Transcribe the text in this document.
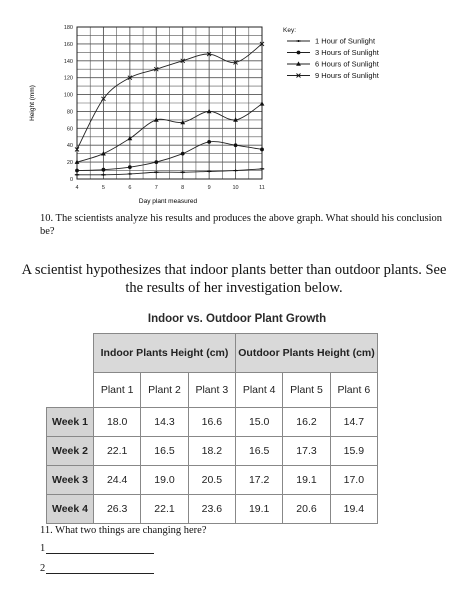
0
20
40
60
80
100
120
140
160
180
4	5	6	7	8	9	10	11
Key:
1 Hour of Sunlight
3 Hours of Sunlight
6 Hours of Sunlight
9 Hours of Sunlight
Day plant measured
Height (mm)
10. The scientists analyze his results and produces the above graph. What should his conclusion be?
A scientist hypothesizes that indoor plants better than outdoor plants. See the results of her investigation below.
Indoor vs. Outdoor Plant Growth
	Indoor Plants Height (cm)			Outdoor Plants Height (cm)		
	Plant 1	Plant 2	Plant 3	Plant 4	Plant 5	Plant 6
Week 1	18.0	14.3	16.6	15.0	16.2	14.7
Week 2	22.1	16.5	18.2	16.5	17.3	15.9
Week 3	24.4	19.0	20.5	17.2	19.1	17.0
Week 4	26.3	22.1	23.6	19.1	20.6	19.4
11. What two things are changing here?
1
2
